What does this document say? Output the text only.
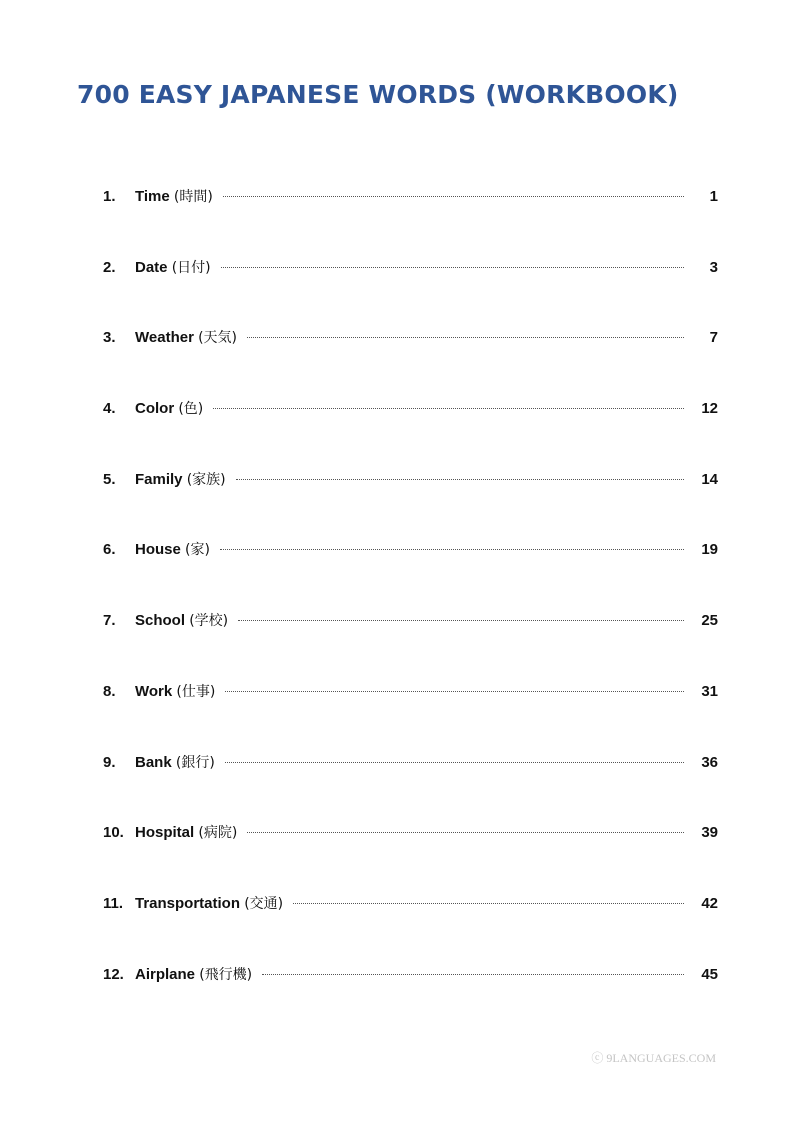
700 EASY JAPANESE WORDS (WORKBOOK)
1.	Time (時間)	1
2.	Date (日付)	3
3.	Weather (天気)	7
4.	Color (色)	12
5.	Family (家族)	14
6.	House (家)	19
7.	School (学校)	25
8.	Work (仕事)	31
9.	Bank (銀行)	36
10. Hospital (病院)	39
11. Transportation (交通)	42
12. Airplane (飛行機)	45
ⓒ 9LANGUAGES.COM
